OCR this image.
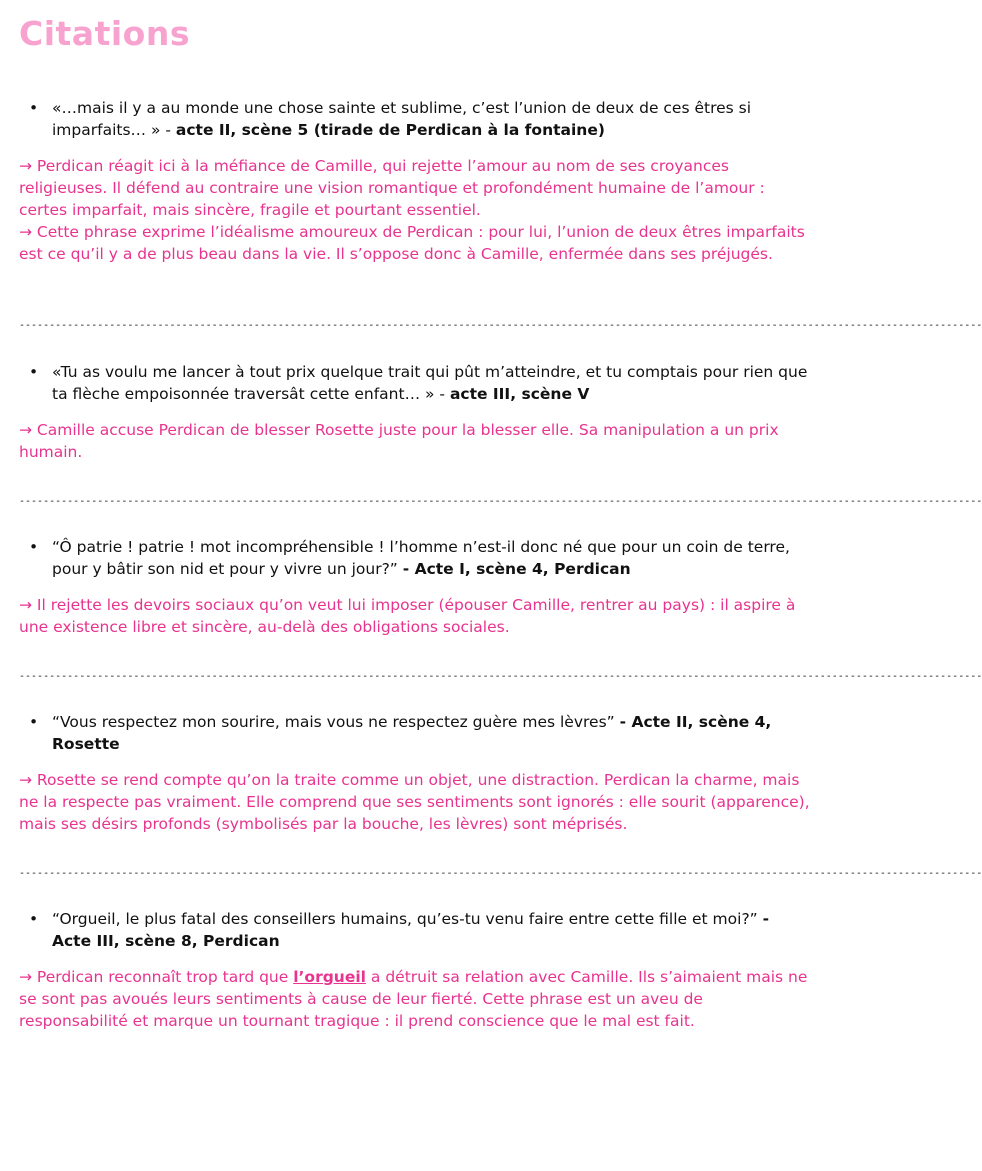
Citations

• «…mais il y a au monde une chose sainte et sublime, c’est l’union de deux de ces êtres si imparfaits… » - acte II, scène 5 (tirade de Perdican à la fontaine)

→ Perdican réagit ici à la méfiance de Camille, qui rejette l’amour au nom de ses croyances religieuses. Il défend au contraire une vision romantique et profondément humaine de l’amour : certes imparfait, mais sincère, fragile et pourtant essentiel.
→ Cette phrase exprime l’idéalisme amoureux de Perdican : pour lui, l’union de deux êtres imparfaits est ce qu’il y a de plus beau dans la vie. Il s’oppose donc à Camille, enfermée dans ses préjugés.

----------------------------------------------------------------------------------------------------------------------------------------------------------------

• «Tu as voulu me lancer à tout prix quelque trait qui pût m’atteindre, et tu comptais pour rien que ta flèche empoisonnée traversât cette enfant… » - acte III, scène V

→ Camille accuse Perdican de blesser Rosette juste pour la blesser elle. Sa manipulation a un prix humain.

----------------------------------------------------------------------------------------------------------------------------------------------------------------

• “Ô patrie ! patrie ! mot incompréhensible ! l’homme n’est-il donc né que pour un coin de terre, pour y bâtir son nid et pour y vivre un jour?” - Acte I, scène 4, Perdican

→ Il rejette les devoirs sociaux qu’on veut lui imposer (épouser Camille, rentrer au pays) : il aspire à une existence libre et sincère, au-delà des obligations sociales.

----------------------------------------------------------------------------------------------------------------------------------------------------------------

• “Vous respectez mon sourire, mais vous ne respectez guère mes lèvres” - Acte II, scène 4, Rosette

→ Rosette se rend compte qu’on la traite comme un objet, une distraction. Perdican la charme, mais ne la respecte pas vraiment. Elle comprend que ses sentiments sont ignorés : elle sourit (apparence), mais ses désirs profonds (symbolisés par la bouche, les lèvres) sont méprisés.

----------------------------------------------------------------------------------------------------------------------------------------------------------------

• “Orgueil, le plus fatal des conseillers humains, qu’es-tu venu faire entre cette fille et moi?” - Acte III, scène 8, Perdican

→ Perdican reconnaît trop tard que l’orgueil a détruit sa relation avec Camille. Ils s’aimaient mais ne se sont pas avoués leurs sentiments à cause de leur fierté. Cette phrase est un aveu de responsabilité et marque un tournant tragique : il prend conscience que le mal est fait.
